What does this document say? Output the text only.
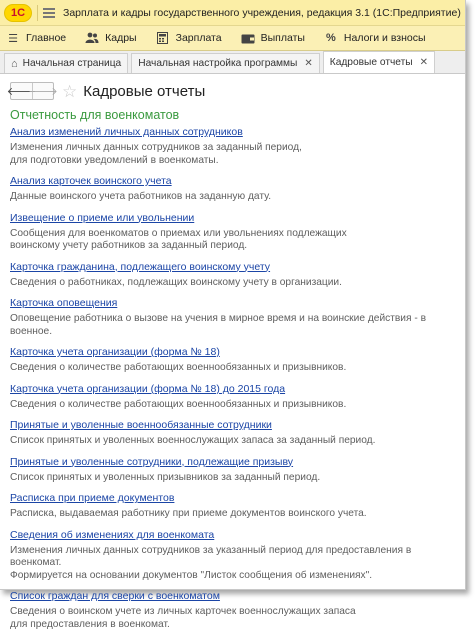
1С	Зарплата и кадры государственного учреждения, редакция 3.1 (1С:Предприятие)
☰ Главное	Кадры	Зарплата	Выплаты % Налоги и взносы
⌂ Начальная страница Начальная настройка программы ✕ Кадровые отчеты ✕
🡐
🡒 ☆ Кадровые отчеты
Отчетность для военкоматов
Анализ изменений личных данных сотрудников

Изменения личных данных сотрудников за заданный период,
для подготовки уведомлений в военкоматы.
Анализ карточек воинского учета

Данные воинского учета работников на заданную дату.
Извещение о приеме или увольнении

Сообщения для военкоматов о приемах или увольнениях подлежащих
воинскому учету работников за заданный период.
Карточка гражданина, подлежащего воинскому учету

Сведения о работниках, подлежащих воинскому учету в организации.
Карточка оповещения

Оповещение работника о вызове на учения в мирное время и на воинские действия - в военное.
Карточка учета организации (форма № 18)

Сведения о количестве работающих военнообязанных и призывников.
Карточка учета организации (форма № 18) до 2015 года

Сведения о количестве работающих военнообязанных и призывников.
Принятые и уволенные военнообязанные сотрудники

Список принятых и уволенных военнослужащих запаса за заданный период.
Принятые и уволенные сотрудники, подлежащие призыву

Список принятых и уволенных призывников за заданный период.
Расписка при приеме документов

Расписка, выдаваемая работнику при приеме документов воинского учета.
Сведения об изменениях для военкомата

Изменения личных данных сотрудников за указанный период для предоставления в военкомат.
Формируется на основании документов "Листок сообщения об изменениях".
Список граждан для сверки с военкоматом

Сведения о воинском учете из личных карточек военнослужащих запаса
для предоставления в военкомат.
